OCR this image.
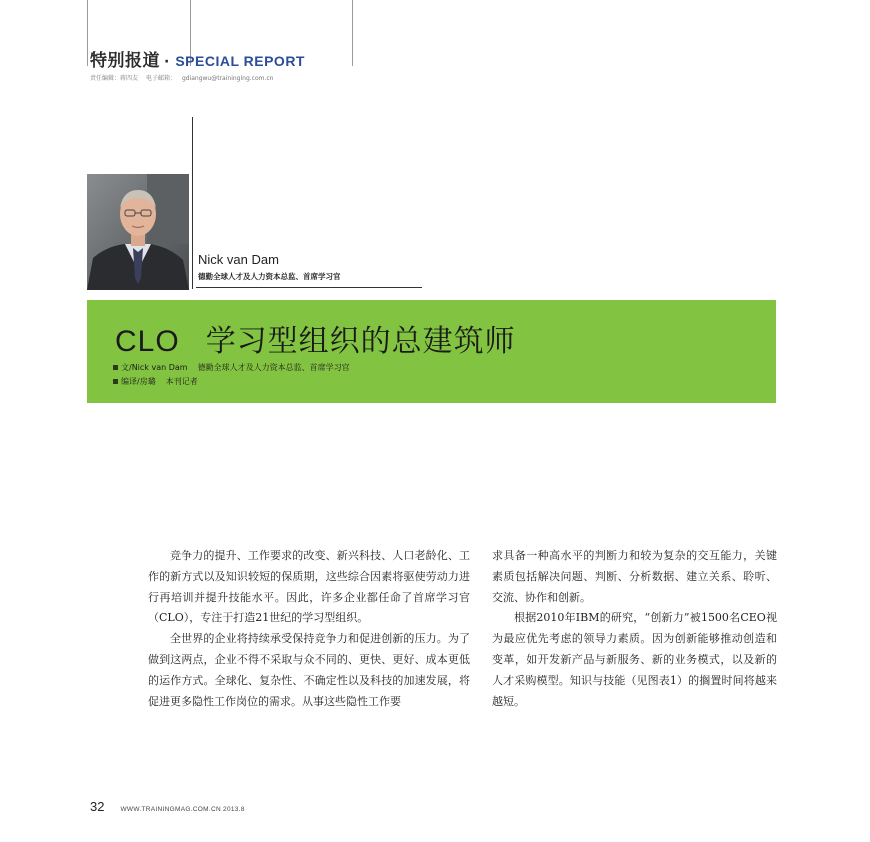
特别报道 · SPECIAL REPORT
责任编辑：蒋四友 电子邮箱： gdiangwu@traininging.com.cn
Nick van Dam
德勤全球人才及人力资本总监、首席学习官
CLO 学习型组织的总建筑师
文/Nick van Dam 德勤全球人才及人力资本总监、首席学习官
编译/房璐 本刊记者

竞争力的提升、工作要求的改变、新兴科技、人口老龄化、工作的新方式以及知识较短的保质期，这些综合因素将驱使劳动力进行再培训并提升技能水平。因此，许多企业都任命了首席学习官（CLO），专注于打造21世纪的学习型组织。

全世界的企业将持续承受保持竞争力和促进创新的压力。为了做到这两点，企业不得不采取与众不同的、更快、更好、成本更低的运作方式。全球化、复杂性、不确定性以及科技的加速发展，将促进更多隐性工作岗位的需求。从事这些隐性工作要

求具备一种高水平的判断力和较为复杂的交互能力，关键素质包括解决问题、判断、分析数据、建立关系、聆听、交流、协作和创新。

根据2010年IBM的研究，“创新力”被1500名CEO视为最应优先考虑的领导力素质。因为创新能够推动创造和变革，如开发新产品与新服务、新的业务模式，以及新的人才采购模型。知识与技能（见图表1）的搁置时间将越来越短。

32 WWW.TRAININGMAG.COM.CN 2013.8
